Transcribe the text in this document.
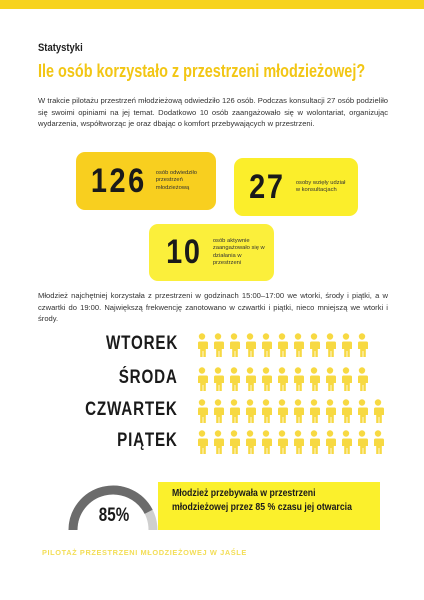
Statystyki
Ile osób korzystało z przestrzeni młodzieżowej?
W trakcie pilotażu przestrzeń młodzieżową odwiedziło 126 osób. Podczas konsultacji 27 osób podzieliło się swoimi opiniami na jej temat. Dodatkowo 10 osób zaangażowało się w wolontariat, organizując wydarzenia, współtworząc je oraz dbając o komfort przebywających w przestrzeni.
126 osób odwiedziło przestrzeń młodzieżową	27 osoby wzięły udział w konsultacjach
10 osób aktywnie zaangażowało się w działania w przestrzeni
Młodzież najchętniej korzystała z przestrzeni w godzinach 15:00–17:00 we wtorki, środy i piątki, a w czwartki do 19:00. Największą frekwencję zanotowano w czwartki i piątki, nieco mniejszą we wtorki i środy.
WTOREK
ŚRODA
CZWARTEK
PIĄTEK
85%
Młodzież przebywała w przestrzeni
młodzieżowej przez 85 % czasu jej otwarcia
PILOTAŻ PRZESTRZENI MŁODZIEŻOWEJ W JAŚLE
